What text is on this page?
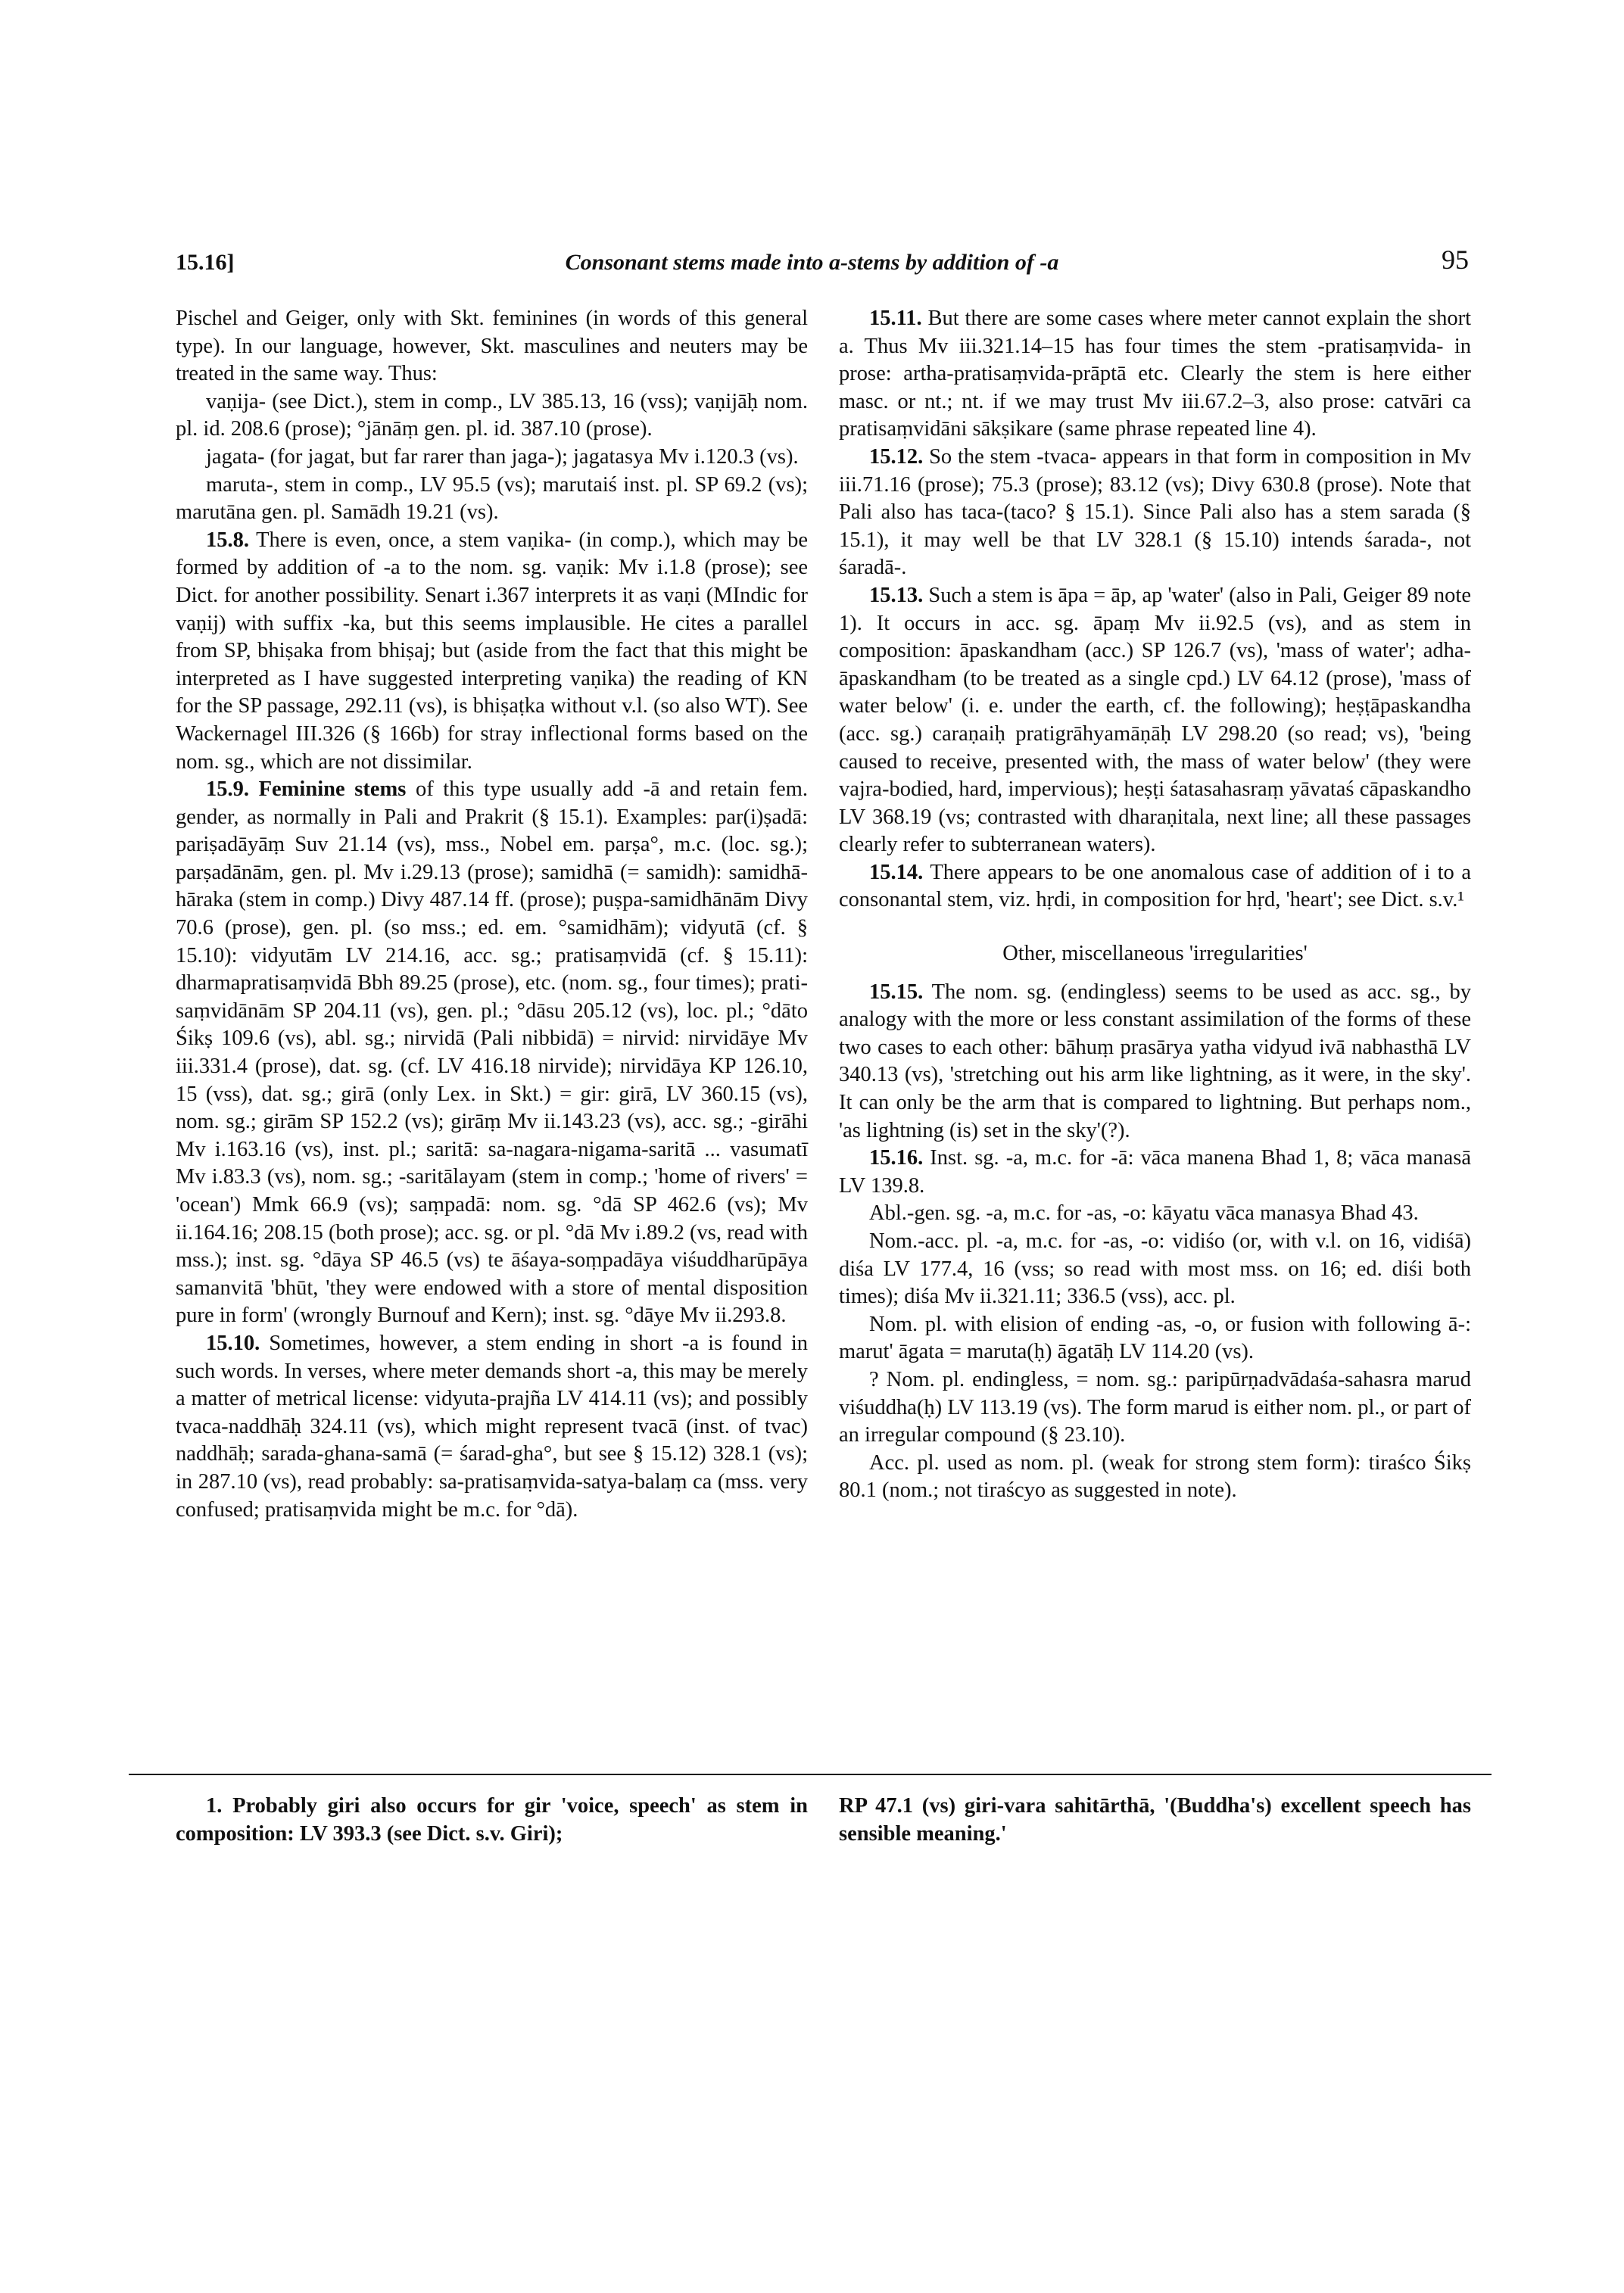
Consonant stems made into a-stems by addition of -a
15.16]	95

Pischel and Geiger, only with Skt. feminines (in words of this general type). In our language, however, Skt. masculines and neuters may be treated in the same way. Thus:

vaṇija- (see Dict.), stem in comp., LV 385.13, 16 (vss); vaṇijāḥ nom. pl. id. 208.6 (prose); °jānāṃ gen. pl. id. 387.10 (prose).

jagata- (for jagat, but far rarer than jaga-); jagatasya Mv i.120.3 (vs).

maruta-, stem in comp., LV 95.5 (vs); marutaiś inst. pl. SP 69.2 (vs); marutāna gen. pl. Samādh 19.21 (vs).

15.8. There is even, once, a stem vaṇika- (in comp.), which may be formed by addition of -a to the nom. sg. vaṇik: Mv i.1.8 (prose); see Dict. for another possibility. Senart i.367 interprets it as vaṇi (MIndic for vaṇij) with suffix -ka, but this seems implausible. He cites a parallel from SP, bhiṣaka from bhiṣaj; but (aside from the fact that this might be interpreted as I have suggested interpreting vaṇika) the reading of KN for the SP passage, 292.11 (vs), is bhiṣaṭka without v.l. (so also WT). See Wackernagel III.326 (§ 166b) for stray inflectional forms based on the nom. sg., which are not dissimilar.

15.9. Feminine stems of this type usually add -ā and retain fem. gender, as normally in Pali and Prakrit (§ 15.1). Examples: par(i)ṣadā: pariṣadāyāṃ Suv 21.14 (vs), mss., Nobel em. parṣa°, m.c. (loc. sg.); parṣadānām, gen. pl. Mv i.29.13 (prose); samidhā (= samidh): samidhā-hāraka (stem in comp.) Divy 487.14 ff. (prose); puṣpa-samidhānām Divy 70.6 (prose), gen. pl. (so mss.; ed. em. °samidhām); vidyutā (cf. § 15.10): vidyutām LV 214.16, acc. sg.; pratisaṃvidā (cf. § 15.11): dharmapratisaṃvidā Bbh 89.25 (prose), etc. (nom. sg., four times); prati-saṃvidānām SP 204.11 (vs), gen. pl.; °dāsu 205.12 (vs), loc. pl.; °dāto Śikṣ 109.6 (vs), abl. sg.; nirvidā (Pali nibbidā) = nirvid: nirvidāye Mv iii.331.4 (prose), dat. sg. (cf. LV 416.18 nirvide); nirvidāya KP 126.10, 15 (vss), dat. sg.; girā (only Lex. in Skt.) = gir: girā, LV 360.15 (vs), nom. sg.; girām SP 152.2 (vs); girāṃ Mv ii.143.23 (vs), acc. sg.; -girāhi Mv i.163.16 (vs), inst. pl.; saritā: sa-nagara-nigama-saritā ... vasumatī Mv i.83.3 (vs), nom. sg.; -saritālayam (stem in comp.; 'home of rivers' = 'ocean') Mmk 66.9 (vs); saṃpadā: nom. sg. °dā SP 462.6 (vs); Mv ii.164.16; 208.15 (both prose); acc. sg. or pl. °dā Mv i.89.2 (vs, read with mss.); inst. sg. °dāya SP 46.5 (vs) te āśaya-soṃpadāya viśuddharūpāya samanvitā 'bhūt, 'they were endowed with a store of mental disposition pure in form' (wrongly Burnouf and Kern); inst. sg. °dāye Mv ii.293.8.

15.10. Sometimes, however, a stem ending in short -a is found in such words. In verses, where meter demands short -a, this may be merely a matter of metrical license: vidyuta-prajña LV 414.11 (vs); and possibly tvaca-naddhāḥ 324.11 (vs), which might represent tvacā (inst. of tvac) naddhāḥ; sarada-ghana-samā (= śarad-gha°, but see § 15.12) 328.1 (vs); in 287.10 (vs), read probably: sa-pratisaṃvida-satya-balaṃ ca (mss. very confused; pratisaṃvida might be m.c. for °dā).

15.11. But there are some cases where meter cannot explain the short a. Thus Mv iii.321.14–15 has four times the stem -pratisaṃvida- in prose: artha-pratisaṃvida-prāptā etc. Clearly the stem is here either masc. or nt.; nt. if we may trust Mv iii.67.2–3, also prose: catvāri ca pratisaṃvidāni sākṣikare (same phrase repeated line 4).

15.12. So the stem -tvaca- appears in that form in composition in Mv iii.71.16 (prose); 75.3 (prose); 83.12 (vs); Divy 630.8 (prose). Note that Pali also has taca-(taco? § 15.1). Since Pali also has a stem sarada (§ 15.1), it may well be that LV 328.1 (§ 15.10) intends śarada-, not śaradā-.

15.13. Such a stem is āpa = āp, ap 'water' (also in Pali, Geiger 89 note 1). It occurs in acc. sg. āpaṃ Mv ii.92.5 (vs), and as stem in composition: āpaskandham (acc.) SP 126.7 (vs), 'mass of water'; adha-āpaskandham (to be treated as a single cpd.) LV 64.12 (prose), 'mass of water below' (i. e. under the earth, cf. the following); heṣṭāpaskandha (acc. sg.) caraṇaiḥ pratigrāhyamāṇāḥ LV 298.20 (so read; vs), 'being caused to receive, presented with, the mass of water below' (they were vajra-bodied, hard, impervious); heṣṭi śatasahasraṃ yāvataś cāpaskandho LV 368.19 (vs; contrasted with dharaṇitala, next line; all these passages clearly refer to subterranean waters).

15.14. There appears to be one anomalous case of addition of i to a consonantal stem, viz. hṛdi, in composition for hṛd, 'heart'; see Dict. s.v.¹

Other, miscellaneous 'irregularities'

15.15. The nom. sg. (endingless) seems to be used as acc. sg., by analogy with the more or less constant assimilation of the forms of these two cases to each other: bāhuṃ prasārya yatha vidyud ivā nabhasthā LV 340.13 (vs), 'stretching out his arm like lightning, as it were, in the sky'. It can only be the arm that is compared to lightning. But perhaps nom., 'as lightning (is) set in the sky'(?).

15.16. Inst. sg. -a, m.c. for -ā: vāca manena Bhad 1, 8; vāca manasā LV 139.8.

Abl.-gen. sg. -a, m.c. for -as, -o: kāyatu vāca manasya Bhad 43.

Nom.-acc. pl. -a, m.c. for -as, -o: vidiśo (or, with v.l. on 16, vidiśā) diśa LV 177.4, 16 (vss; so read with most mss. on 16; ed. diśi both times); diśa Mv ii.321.11; 336.5 (vss), acc. pl.

Nom. pl. with elision of ending -as, -o, or fusion with following ā-: marut' āgata = maruta(ḥ) āgatāḥ LV 114.20 (vs).

? Nom. pl. endingless, = nom. sg.: paripūrṇadvādaśa-sahasra marud viśuddha(ḥ) LV 113.19 (vs). The form marud is either nom. pl., or part of an irregular compound (§ 23.10).

Acc. pl. used as nom. pl. (weak for strong stem form): tiraśco Śikṣ 80.1 (nom.; not tiraścyo as suggested in note).

1. Probably giri also occurs for gir 'voice, speech' as stem in composition: LV 393.3 (see Dict. s.v. Giri);
RP 47.1 (vs) giri-vara sahitārthā, '(Buddha's) excellent speech has sensible meaning.'
